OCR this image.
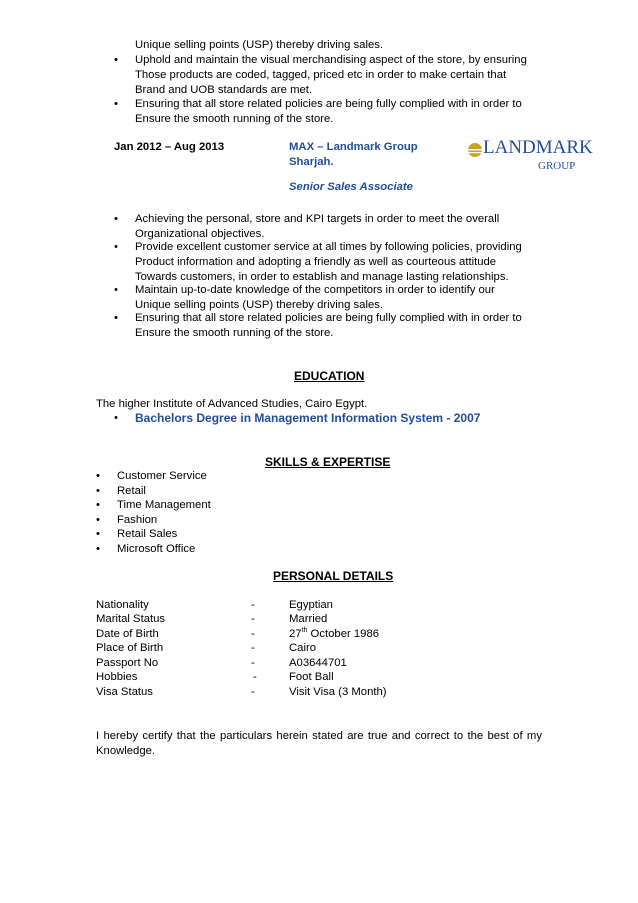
Unique selling points (USP) thereby driving sales.
• Uphold and maintain the visual merchandising aspect of the store, by ensuring
Those products are coded, tagged, priced etc in order to make certain that
Brand and UOB standards are met.
• Ensuring that all store related policies are being fully complied with in order to
Ensure the smooth running of the store.
Jan 2012 – Aug 2013	MAX – Landmark Group
Sharjah.
LANDMARK
GROUP
Senior Sales Associate
• Achieving the personal, store and KPI targets in order to meet the overall
Organizational objectives.
• Provide excellent customer service at all times by following policies, providing
Product information and adopting a friendly as well as courteous attitude
Towards customers, in order to establish and manage lasting relationships.
• Maintain up-to-date knowledge of the competitors in order to identify our
Unique selling points (USP) thereby driving sales.
• Ensuring that all store related policies are being fully complied with in order to
Ensure the smooth running of the store.
EDUCATION
The higher Institute of Advanced Studies, Cairo Egypt.
• Bachelors Degree in Management Information System - 2007
SKILLS & EXPERTISE
• Customer Service
• Retail
• Time Management
• Fashion
• Retail Sales
• Microsoft Office
PERSONAL DETAILS
Nationality	-	Egyptian
Marital Status	-	Married
Date of Birth	-	27th October 1986
Place of Birth	-	Cairo
Passport No	-	A03644701
Hobbies	-	Foot Ball
Visa Status	-	Visit Visa (3 Month)
I hereby certify that the particulars herein stated are true and correct to the best of my
Knowledge.
